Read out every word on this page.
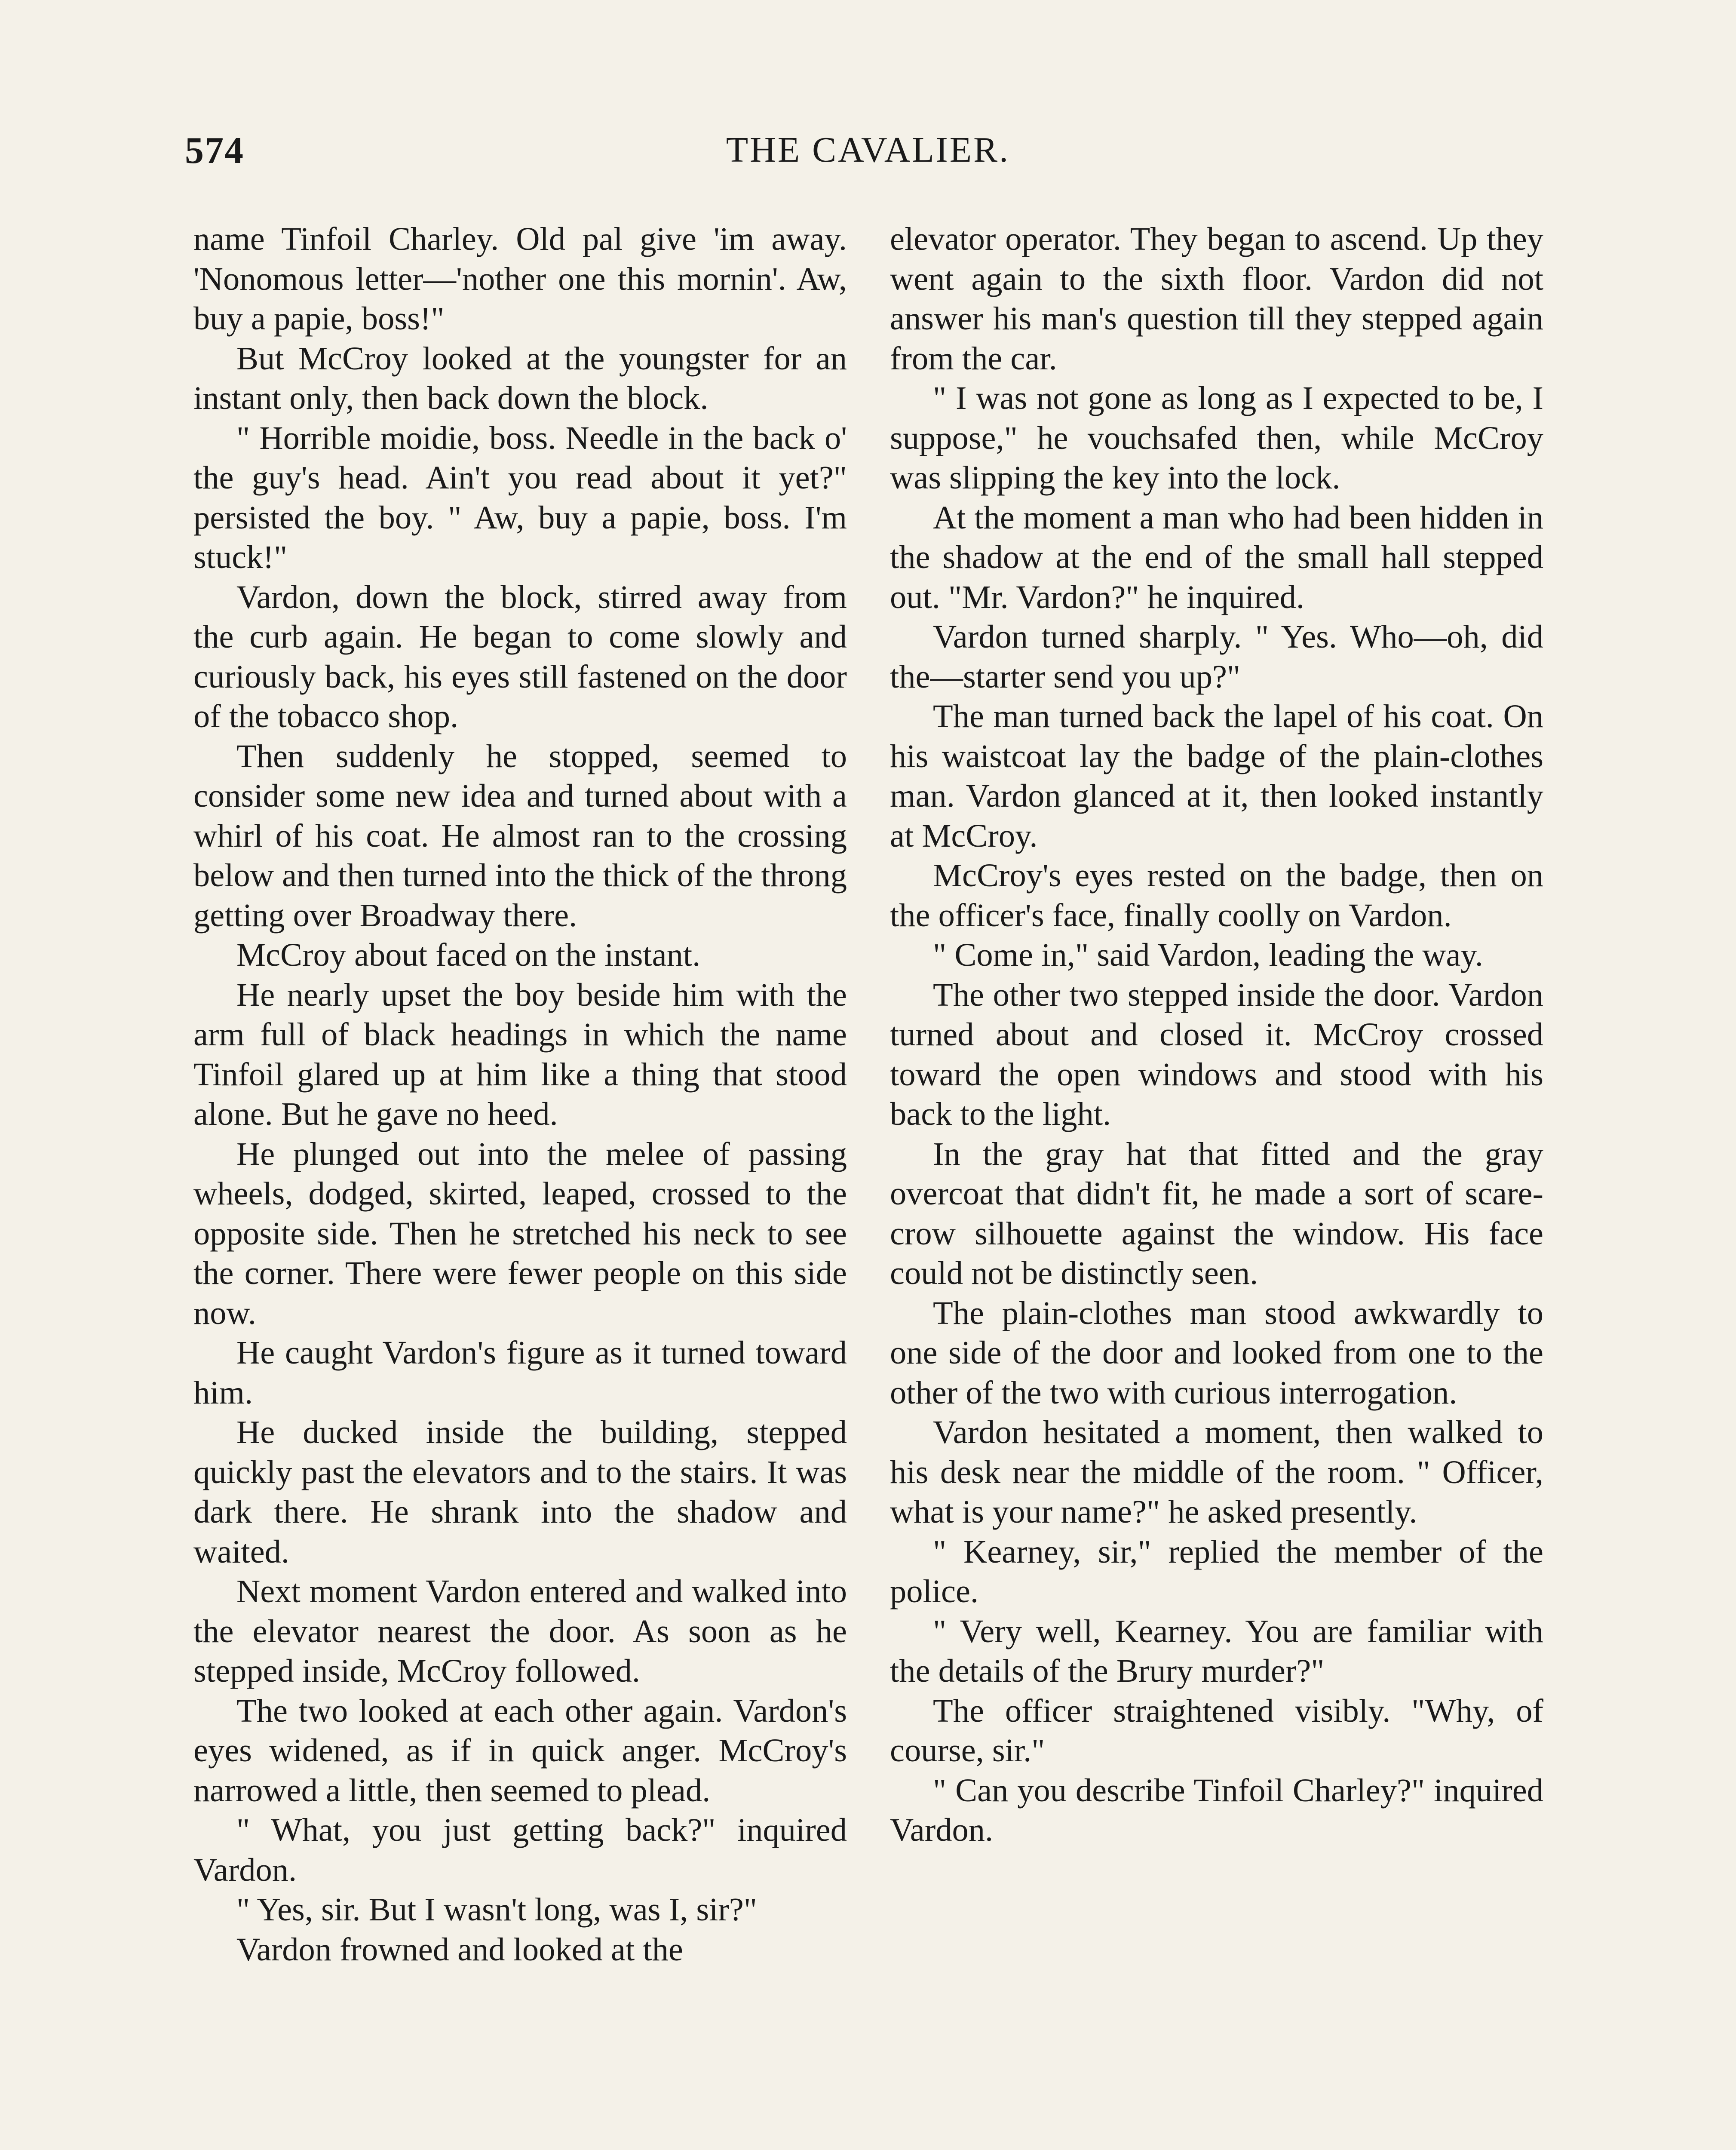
574	THE CAVALIER.

name Tinfoil Charley. Old pal give 'im away. 'Nonomous letter—'nother one this mornin'. Aw, buy a papie, boss!"

But McCroy looked at the youngster for an instant only, then back down the block.

" Horrible moidie, boss. Needle in the back o' the guy's head. Ain't you read about it yet?" persisted the boy. " Aw, buy a papie, boss. I'm stuck!"

Vardon, down the block, stirred away from the curb again. He began to come slowly and curiously back, his eyes still fastened on the door of the tobacco shop.

Then suddenly he stopped, seemed to consider some new idea and turned about with a whirl of his coat. He almost ran to the crossing below and then turned into the thick of the throng getting over Broadway there.

McCroy about faced on the instant.

He nearly upset the boy beside him with the arm full of black headings in which the name Tinfoil glared up at him like a thing that stood alone. But he gave no heed.

He plunged out into the melee of passing wheels, dodged, skirted, leaped, crossed to the opposite side. Then he stretched his neck to see the corner. There were fewer people on this side now.

He caught Vardon's figure as it turned toward him.

He ducked inside the building, stepped quickly past the elevators and to the stairs. It was dark there. He shrank into the shadow and waited.

Next moment Vardon entered and walked into the elevator nearest the door. As soon as he stepped inside, McCroy followed.

The two looked at each other again. Vardon's eyes widened, as if in quick anger. McCroy's narrowed a little, then seemed to plead.

" What, you just getting back?" inquired Vardon.

" Yes, sir. But I wasn't long, was I, sir?"

Vardon frowned and looked at the

elevator operator. They began to ascend. Up they went again to the sixth floor. Vardon did not answer his man's question till they stepped again from the car.

" I was not gone as long as I expected to be, I suppose," he vouchsafed then, while McCroy was slipping the key into the lock.

At the moment a man who had been hidden in the shadow at the end of the small hall stepped out. "Mr. Vardon?" he inquired.

Vardon turned sharply. " Yes. Who—oh, did the—starter send you up?"

The man turned back the lapel of his coat. On his waistcoat lay the badge of the plain-clothes man. Vardon glanced at it, then looked instantly at McCroy.

McCroy's eyes rested on the badge, then on the officer's face, finally coolly on Vardon.

" Come in," said Vardon, leading the way.

The other two stepped inside the door. Vardon turned about and closed it. McCroy crossed toward the open windows and stood with his back to the light.

In the gray hat that fitted and the gray overcoat that didn't fit, he made a sort of scare-crow silhouette against the window. His face could not be distinctly seen.

The plain-clothes man stood awkwardly to one side of the door and looked from one to the other of the two with curious interrogation.

Vardon hesitated a moment, then walked to his desk near the middle of the room. " Officer, what is your name?" he asked presently.

" Kearney, sir," replied the member of the police.

" Very well, Kearney. You are familiar with the details of the Brury murder?"

The officer straightened visibly. "Why, of course, sir."

" Can you describe Tinfoil Charley?" inquired Vardon.
